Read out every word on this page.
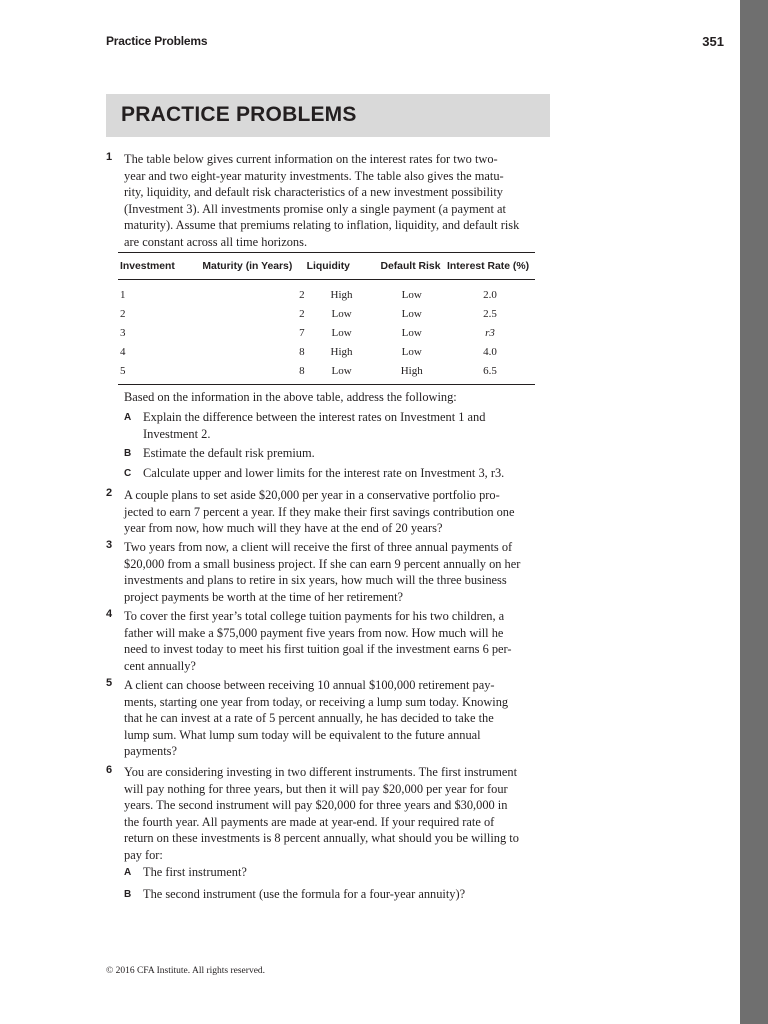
Practice Problems	351
PRACTICE PROBLEMS
1 The table below gives current information on the interest rates for two two-
year and two eight-year maturity investments. The table also gives the matu-
rity, liquidity, and default risk characteristics of a new investment possibility
(Investment 3). All investments promise only a single payment (a payment at
maturity). Assume that premiums relating to inflation, liquidity, and default risk
are constant across all time horizons.
Investment	Maturity (in Years)	Liquidity	Default Risk	Interest Rate (%)
1	2	High	Low	2.0
2	2	Low	Low	2.5
3	7	Low	Low	r3
4	8	High	Low	4.0
5	8	Low	High	6.5
Based on the information in the above table, address the following:
A Explain the difference between the interest rates on Investment 1 and
Investment 2.
B Estimate the default risk premium.
C Calculate upper and lower limits for the interest rate on Investment 3, r3.
2 A couple plans to set aside $20,000 per year in a conservative portfolio pro-
jected to earn 7 percent a year. If they make their first savings contribution one
year from now, how much will they have at the end of 20 years?
3 Two years from now, a client will receive the first of three annual payments of
$20,000 from a small business project. If she can earn 9 percent annually on her
investments and plans to retire in six years, how much will the three business
project payments be worth at the time of her retirement?
4 To cover the first year’s total college tuition payments for his two children, a
father will make a $75,000 payment five years from now. How much will he
need to invest today to meet his first tuition goal if the investment earns 6 per-
cent annually?
5 A client can choose between receiving 10 annual $100,000 retirement pay-
ments, starting one year from today, or receiving a lump sum today. Knowing
that he can invest at a rate of 5 percent annually, he has decided to take the
lump sum. What lump sum today will be equivalent to the future annual
payments?
6 You are considering investing in two different instruments. The first instrument
will pay nothing for three years, but then it will pay $20,000 per year for four
years. The second instrument will pay $20,000 for three years and $30,000 in
the fourth year. All payments are made at year-end. If your required rate of
return on these investments is 8 percent annually, what should you be willing to
pay for:
A The first instrument?
B The second instrument (use the formula for a four-year annuity)?
© 2016 CFA Institute. All rights reserved.
